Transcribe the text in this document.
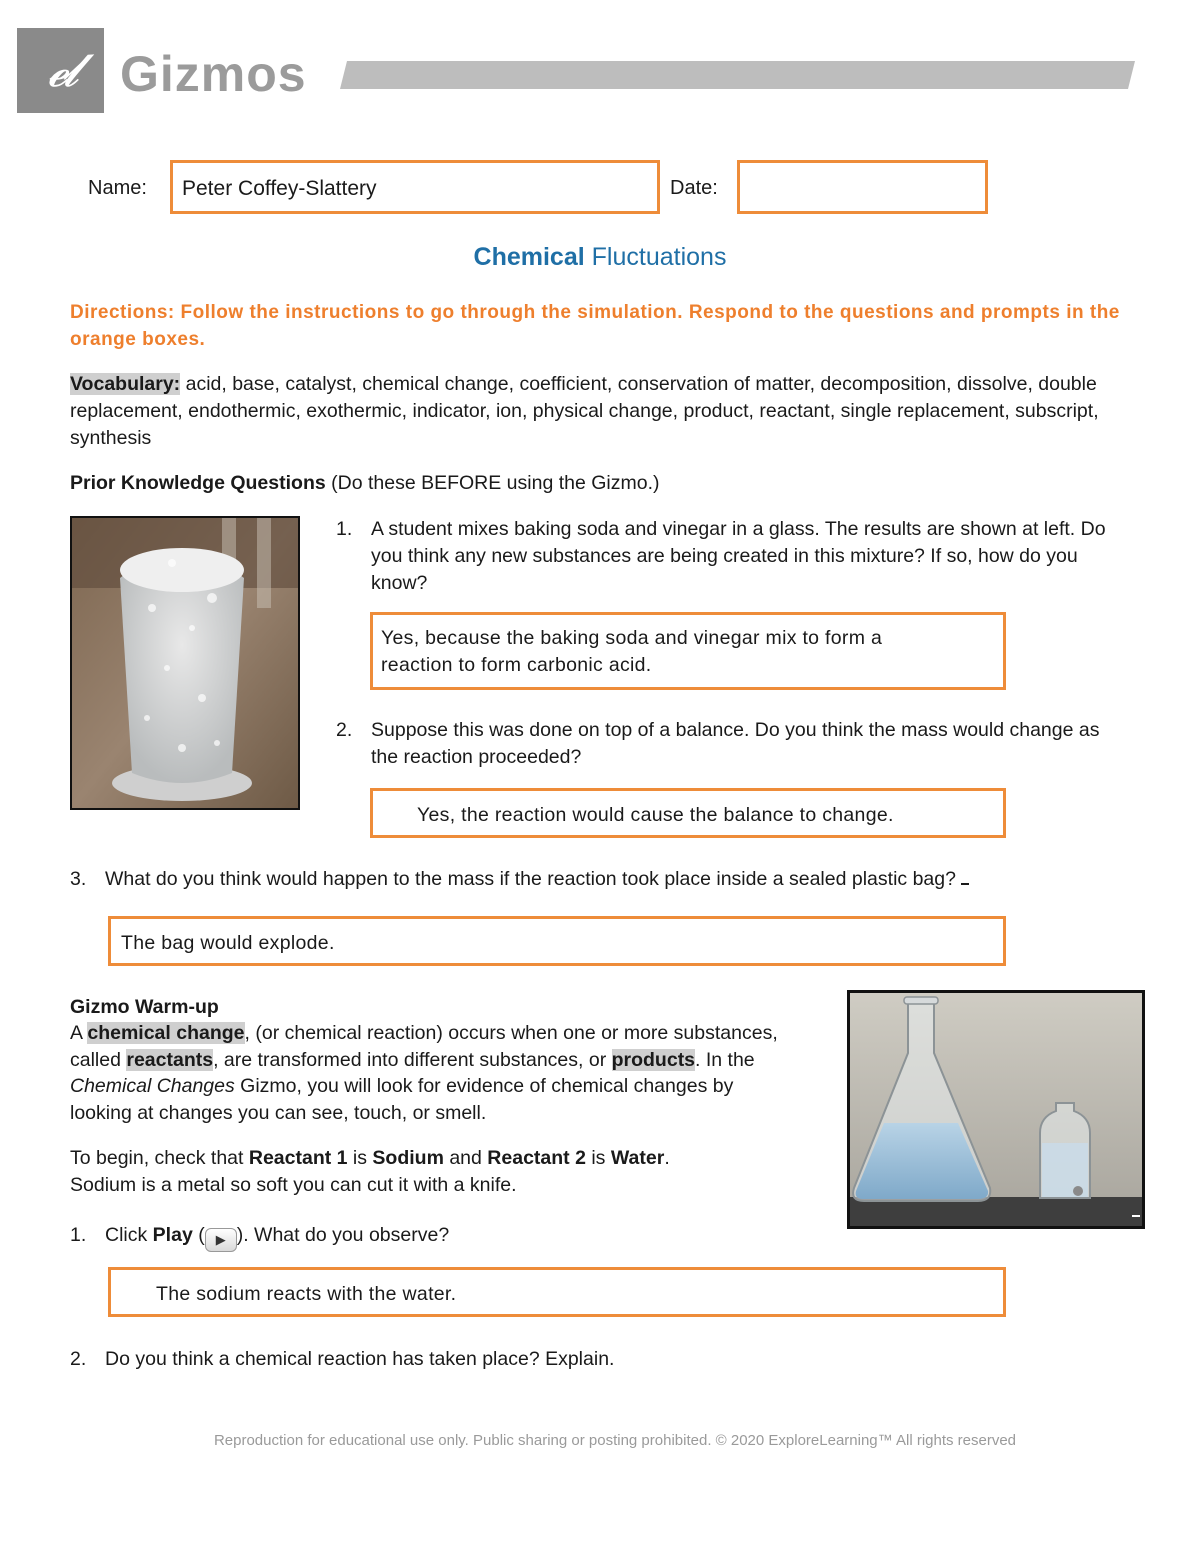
𝓮𝓵 Gizmos
Name: Peter Coffey-Slattery	Date:
Chemical Fluctuations
Directions: Follow the instructions to go through the simulation. Respond to the questions and prompts in the orange boxes.
Vocabulary: acid, base, catalyst, chemical change, coefficient, conservation of matter, decomposition, dissolve, double replacement, endothermic, exothermic, indicator, ion, physical change, product, reactant, single replacement, subscript, synthesis
Prior Knowledge Questions (Do these BEFORE using the Gizmo.)
1. A student mixes baking soda and vinegar in a glass. The results are shown at left. Do you think any new substances are being created in this mixture? If so, how do you know?
Yes, because the baking soda and vinegar mix to form a reaction to form carbonic acid.
2. Suppose this was done on top of a balance. Do you think the mass would change as the reaction proceeded?
Yes, the reaction would cause the balance to change.
3. What do you think would happen to the mass if the reaction took place inside a sealed plastic bag?
The bag would explode.
Gizmo Warm-up
A chemical change, (or chemical reaction) occurs when one or more substances, called reactants, are transformed into different substances, or products. In the Chemical Changes Gizmo, you will look for evidence of chemical changes by looking at changes you can see, touch, or smell.
To begin, check that Reactant 1 is Sodium and Reactant 2 is Water.
Sodium is a metal so soft you can cut it with a knife.
1. Click Play ( ▶ ). What do you observe?
The sodium reacts with the water.
2. Do you think a chemical reaction has taken place? Explain.
Reproduction for educational use only. Public sharing or posting prohibited. © 2020 ExploreLearning™ All rights reserved
